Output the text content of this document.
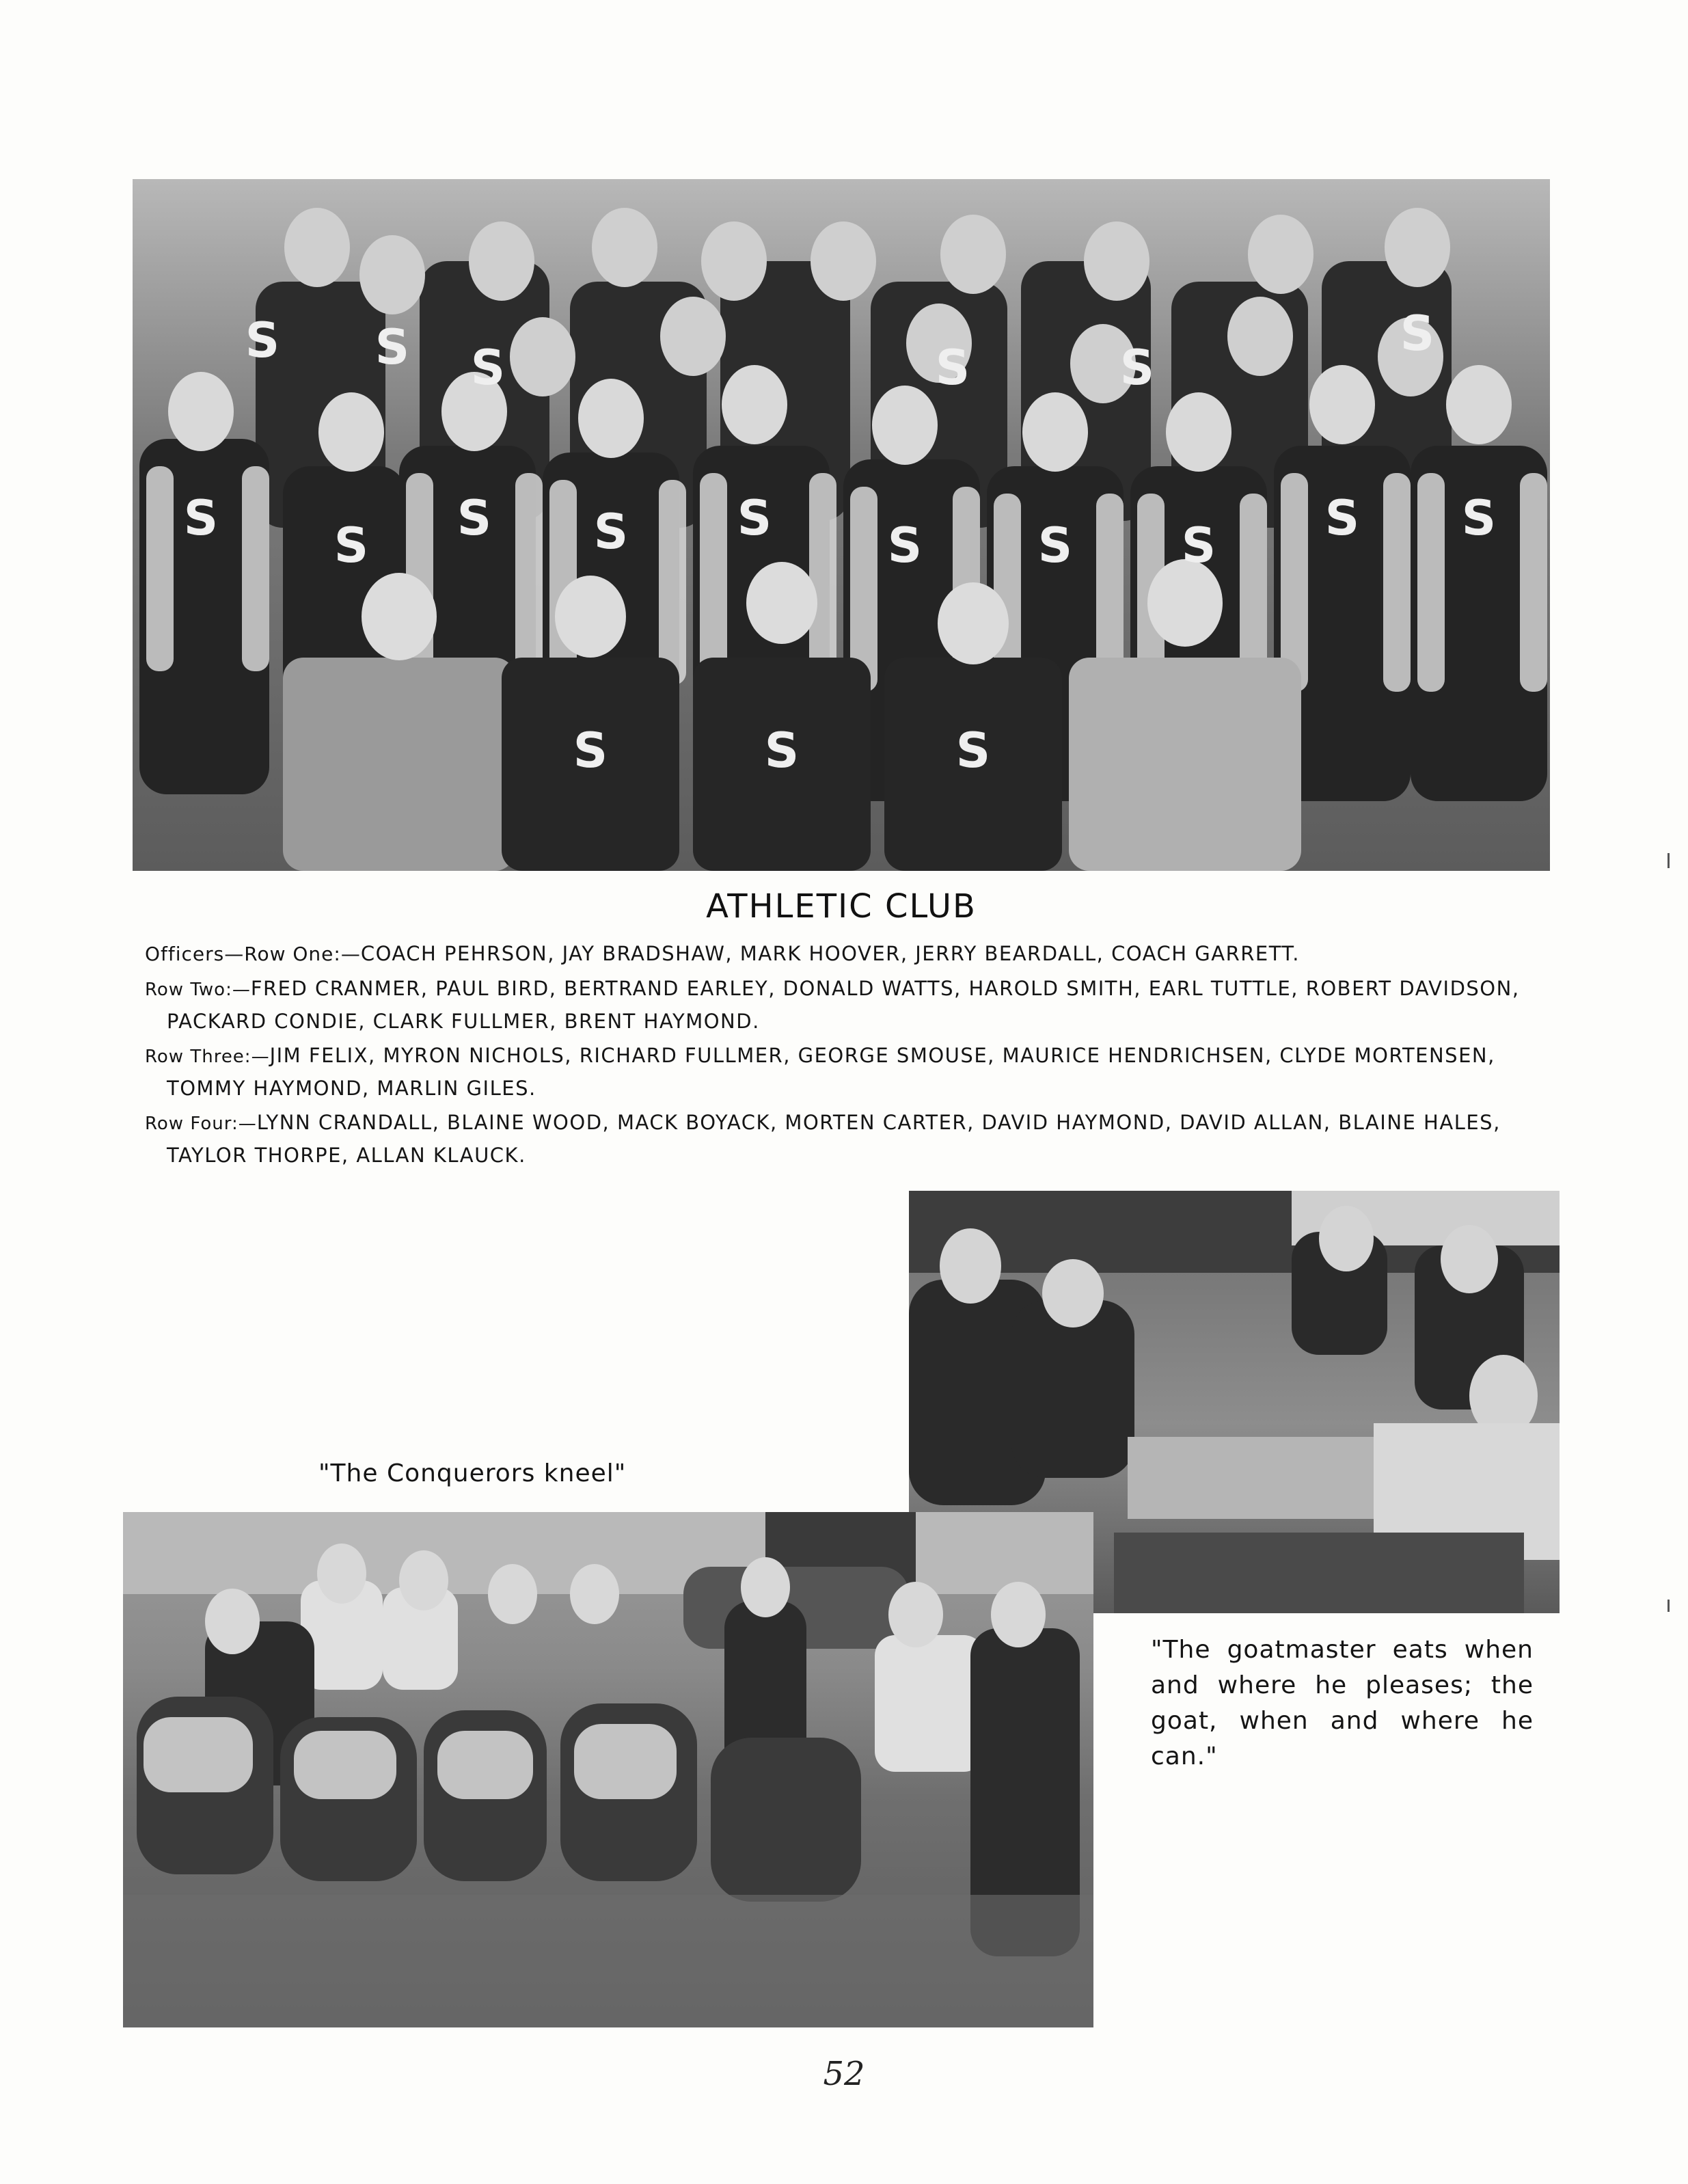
S S S S S S S S S S
S	S	S
S S S	S	S
S
ATHLETIC CLUB

Officers—Row One:—COACH PEHRSON, JAY BRADSHAW, MARK HOOVER, JERRY BEARDALL, COACH GARRETT.

Row Two:—FRED CRANMER, PAUL BIRD, BERTRAND EARLEY, DONALD WATTS, HAROLD SMITH, EARL TUTTLE, ROBERT DAVIDSON, PACKARD CONDIE, CLARK FULLMER, BRENT HAYMOND.

Row Three:—JIM FELIX, MYRON NICHOLS, RICHARD FULLMER, GEORGE SMOUSE, MAURICE HENDRICHSEN, CLYDE MORTENSEN, TOMMY HAYMOND, MARLIN GILES.

Row Four:—LYNN CRANDALL, BLAINE WOOD, MACK BOYACK, MORTEN CARTER, DAVID HAYMOND, DAVID ALLAN, BLAINE HALES, TAYLOR THORPE, ALLAN KLAUCK.

"The Conquerors kneel"
"The goatmaster eats when and where he pleases; the goat, when and where he can."
52
